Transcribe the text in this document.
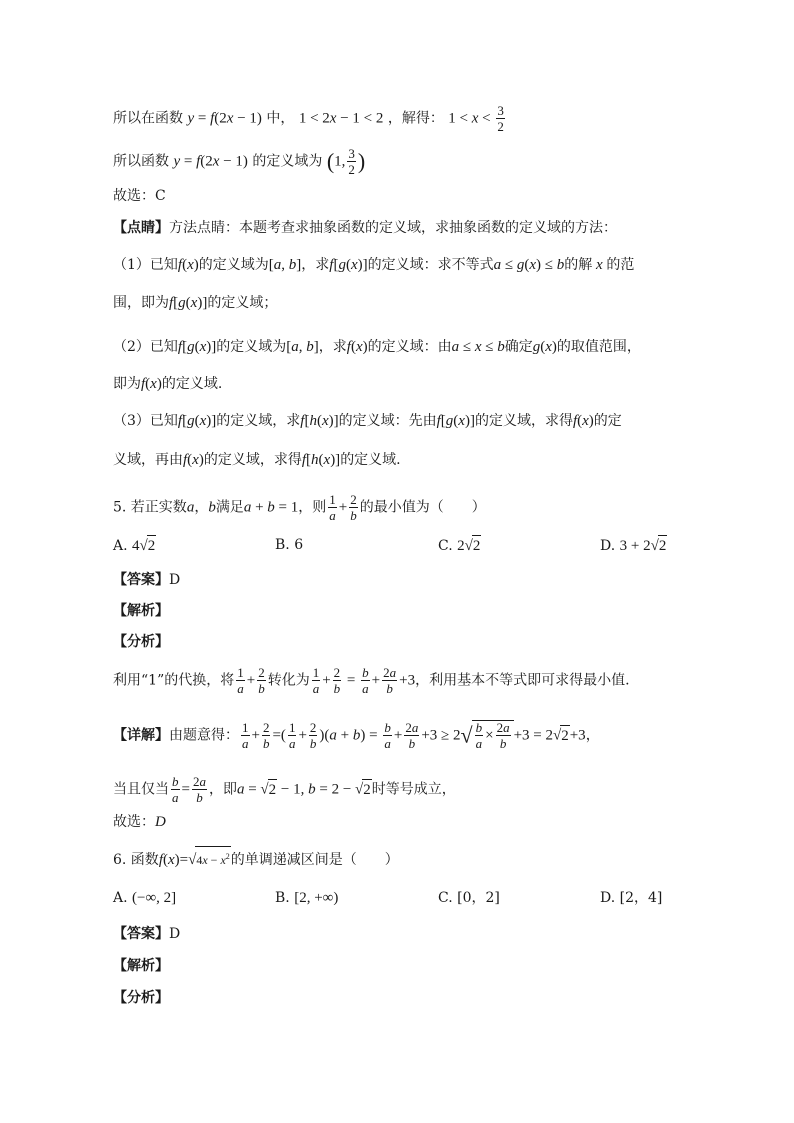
所以在函数 y = f(2x − 1) 中， 1 < 2x − 1 < 2 ，解得： $1 < x < \frac{3}{2}$
所以函数 y = f(2x − 1) 的定义域为 (1, $\frac{3}{2}$ )
故选：C
【点睛】方法点睛：本题考查求抽象函数的定义域，求抽象函数的定义域的方法：
（1）已知f(x)的定义域为[a, b]，求f[g(x)]的定义域：求不等式a ≤ g(x) ≤ b的解 x 的范
围，即为f[g(x)]的定义域；
（2）已知f[g(x)]的定义域为[a, b]，求f(x)的定义域：由a ≤ x ≤ b确定g(x)的取值范围，
即为f(x)的定义域.
（3）已知f[g(x)]的定义域，求f[h(x)]的定义域：先由f[g(x)]的定义域，求得f(x)的定
义域，再由f(x)的定义域，求得f[h(x)]的定义域.
5. 若正实数a，b满足a + b = 1，则 $\frac{1}{a} + \frac{2}{b}$ 的最小值为（　　）
A. 4√2	B. 6	C. 2√2	D. 3 + 2√2
【答案】D
【解析】
【分析】
利用“1”的代换，将 $\frac{1}{a} + \frac{2}{b}$ 转化为 $\frac{1}{a} + \frac{2}{b} = \frac{b}{a} + \frac{2a}{b} +3$，利用基本不等式即可求得最小值.
【详解】由题意得： $\frac{1}{a} + \frac{2}{b}$ =( $\frac{1}{a} + \frac{2}{b} )(a + b) = \frac{b}{a} + \frac{2a}{b} +3 \ge 2√ \frac{b}{a} \times \frac{2a}{b} +3 = 2√2+3$，
当且仅当 $\frac{b}{a} = \frac{2a}{b}$ ，即a = √2 − 1, b = 2 − √2时等号成立，
故选：D
6. 函数$f(x)=√4x - x^2$的单调递减区间是（　　）
A. (−∞, 2]	B. [2, +∞)	C. [0，2]	D. [2，4]
【答案】D
【解析】
【分析】
